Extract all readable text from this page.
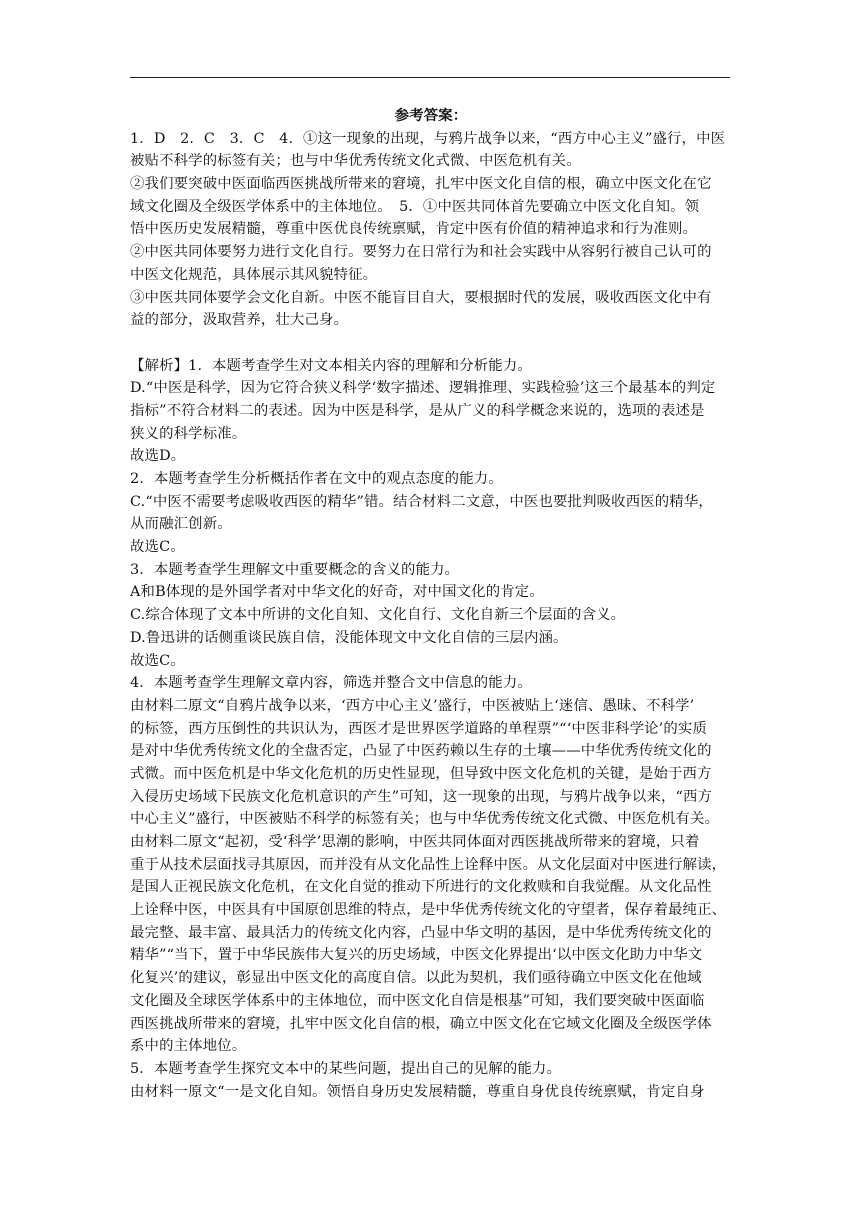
参考答案：
1．D　2．C　3．C　4．①这一现象的出现，与鸦片战争以来，“西方中心主义”盛行，中医
被贴不科学的标签有关；也与中华优秀传统文化式微、中医危机有关。
②我们要突破中医面临西医挑战所带来的窘境，扎牢中医文化自信的根，确立中医文化在它
域文化圈及全级医学体系中的主体地位。　5．①中医共同体首先要确立中医文化自知。领
悟中医历史发展精髓，尊重中医优良传统禀赋，肯定中医有价值的精神追求和行为准则。
②中医共同体要努力进行文化自行。要努力在日常行为和社会实践中从容躬行被自己认可的
中医文化规范，具体展示其风貌特征。
③中医共同体要学会文化自新。中医不能盲目自大，要根据时代的发展，吸收西医文化中有
益的部分，汲取营养，壮大己身。
【解析】1．本题考查学生对文本相关内容的理解和分析能力。
D.“中医是科学，因为它符合狭义科学‘数字描述、逻辑推理、实践检验’这三个最基本的判定
指标”不符合材料二的表述。因为中医是科学，是从广义的科学概念来说的，选项的表述是
狭义的科学标准。
故选D。
2．本题考查学生分析概括作者在文中的观点态度的能力。
C.“中医不需要考虑吸收西医的精华”错。结合材料二文意，中医也要批判吸收西医的精华，
从而融汇创新。
故选C。
3．本题考查学生理解文中重要概念的含义的能力。
A和B体现的是外国学者对中华文化的好奇，对中国文化的肯定。
C.综合体现了文本中所讲的文化自知、文化自行、文化自新三个层面的含义。
D.鲁迅讲的话侧重谈民族自信，没能体现文中文化自信的三层内涵。
故选C。
4．本题考查学生理解文章内容，筛选并整合文中信息的能力。
由材料二原文“自鸦片战争以来，‘西方中心主义’盛行，中医被贴上‘迷信、愚昧、不科学’
的标签，西方压倒性的共识认为，西医才是世界医学道路的单程票”“‘中医非科学论’的实质
是对中华优秀传统文化的全盘否定，凸显了中医药赖以生存的土壤——中华优秀传统文化的
式微。而中医危机是中华文化危机的历史性显现，但导致中医文化危机的关键，是始于西方
入侵历史场域下民族文化危机意识的产生”可知，这一现象的出现，与鸦片战争以来，“西方
中心主义”盛行，中医被贴不科学的标签有关；也与中华优秀传统文化式微、中医危机有关。
由材料二原文“起初，受‘科学’思潮的影响，中医共同体面对西医挑战所带来的窘境，只着
重于从技术层面找寻其原因，而并没有从文化品性上诠释中医。从文化层面对中医进行解读，
是国人正视民族文化危机，在文化自觉的推动下所进行的文化救赎和自我觉醒。从文化品性
上诠释中医，中医具有中国原创思维的特点，是中华优秀传统文化的守望者，保存着最纯正、
最完整、最丰富、最具活力的传统文化内容，凸显中华文明的基因，是中华优秀传统文化的
精华”“当下，置于中华民族伟大复兴的历史场域，中医文化界提出‘以中医文化助力中华文
化复兴’的建议，彰显出中医文化的高度自信。以此为契机，我们亟待确立中医文化在他域
文化圈及全球医学体系中的主体地位，而中医文化自信是根基”可知，我们要突破中医面临
西医挑战所带来的窘境，扎牢中医文化自信的根，确立中医文化在它域文化圈及全级医学体
系中的主体地位。
5．本题考查学生探究文本中的某些问题，提出自己的见解的能力。
由材料一原文“一是文化自知。领悟自身历史发展精髓，尊重自身优良传统禀赋，肯定自身
